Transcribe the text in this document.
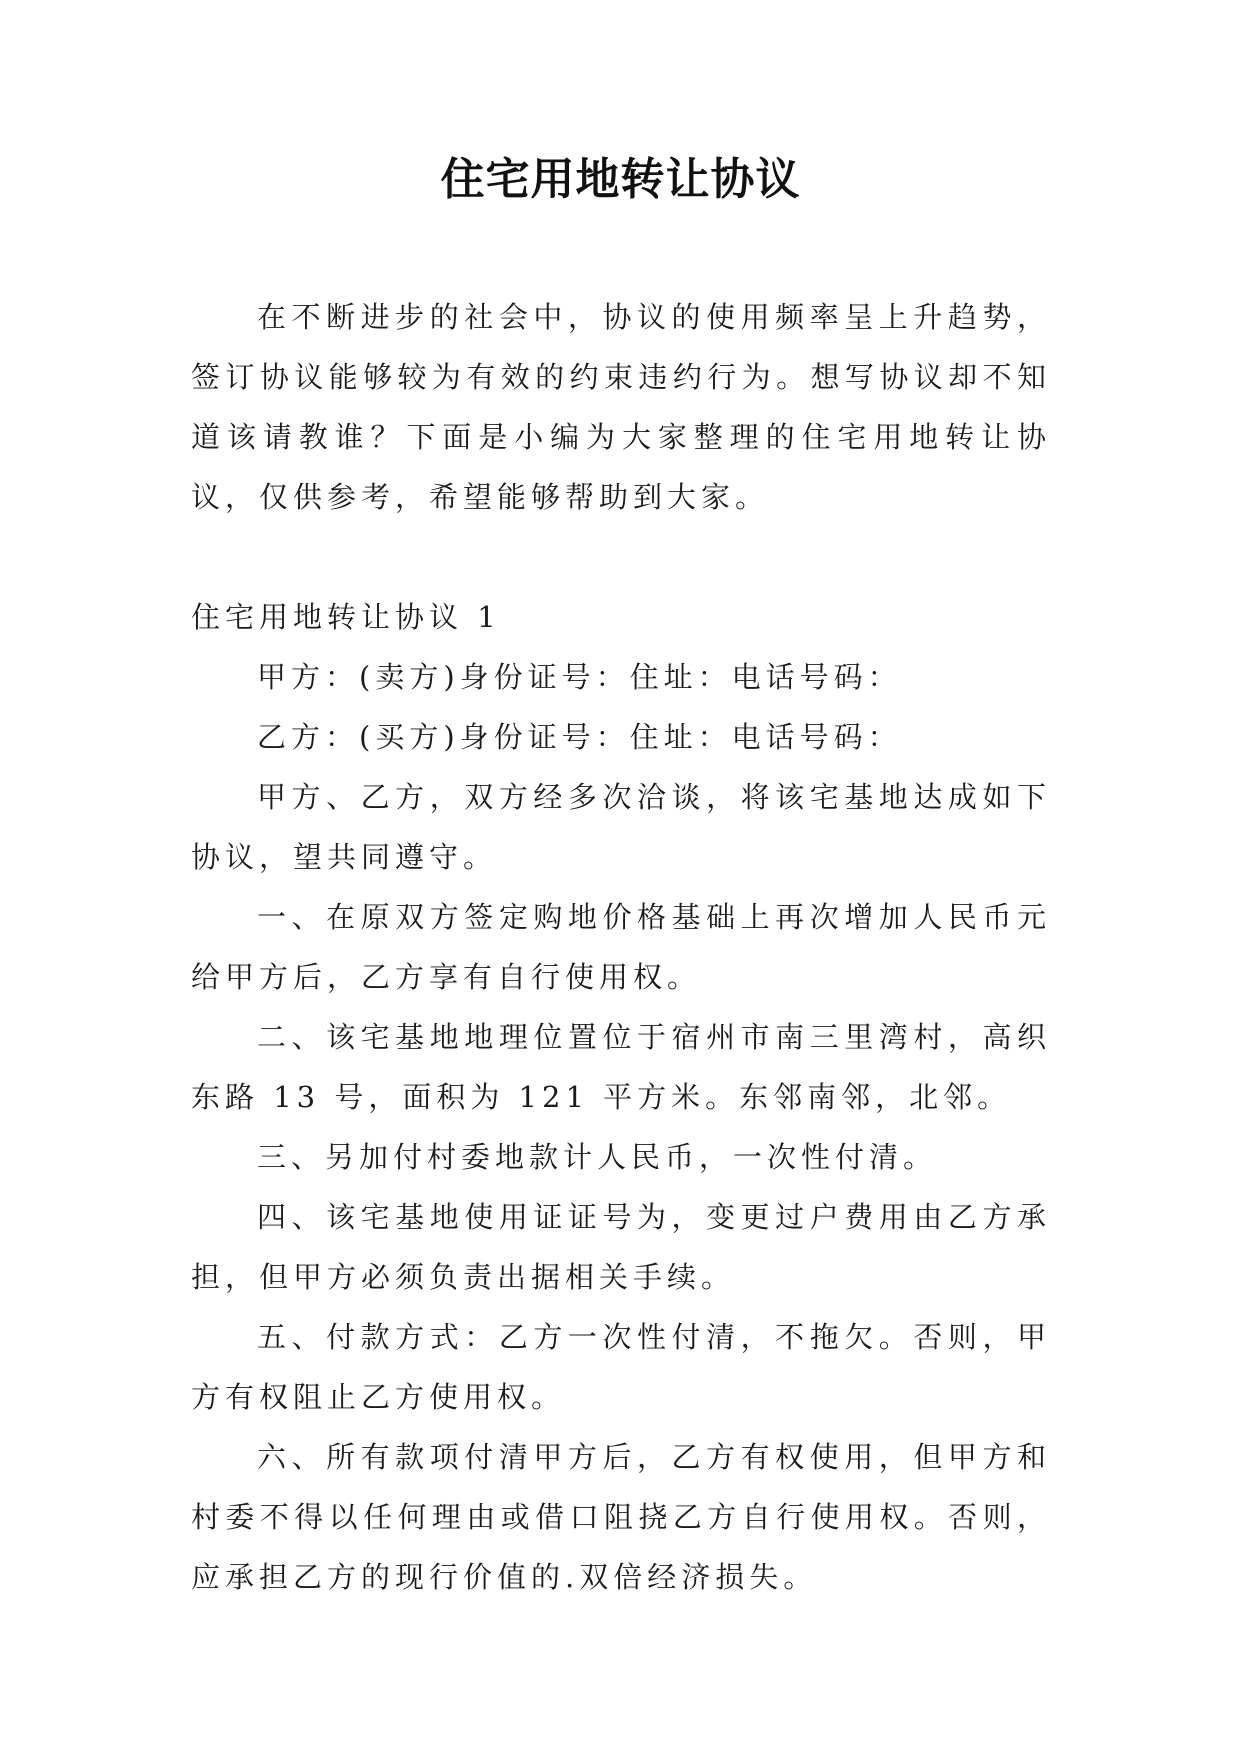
住宅用地转让协议

在不断进步的社会中，协议的使用频率呈上升趋势，签订协议能够较为有效的约束违约行为。想写协议却不知道该请教谁？下面是小编为大家整理的住宅用地转让协议，仅供参考，希望能够帮助到大家。

住宅用地转让协议 1

甲方：(卖方)身份证号：住址：电话号码：

乙方：(买方)身份证号：住址：电话号码：

甲方、乙方，双方经多次洽谈，将该宅基地达成如下协议，望共同遵守。

一、在原双方签定购地价格基础上再次增加人民币元给甲方后，乙方享有自行使用权。

二、该宅基地地理位置位于宿州市南三里湾村，高织东路 13 号，面积为 121 平方米。东邻南邻，北邻。

三、另加付村委地款计人民币，一次性付清。

四、该宅基地使用证证号为，变更过户费用由乙方承担，但甲方必须负责出据相关手续。

五、付款方式：乙方一次性付清，不拖欠。否则，甲方有权阻止乙方使用权。

六、所有款项付清甲方后，乙方有权使用，但甲方和村委不得以任何理由或借口阻挠乙方自行使用权。否则，应承担乙方的现行价值的.双倍经济损失。
